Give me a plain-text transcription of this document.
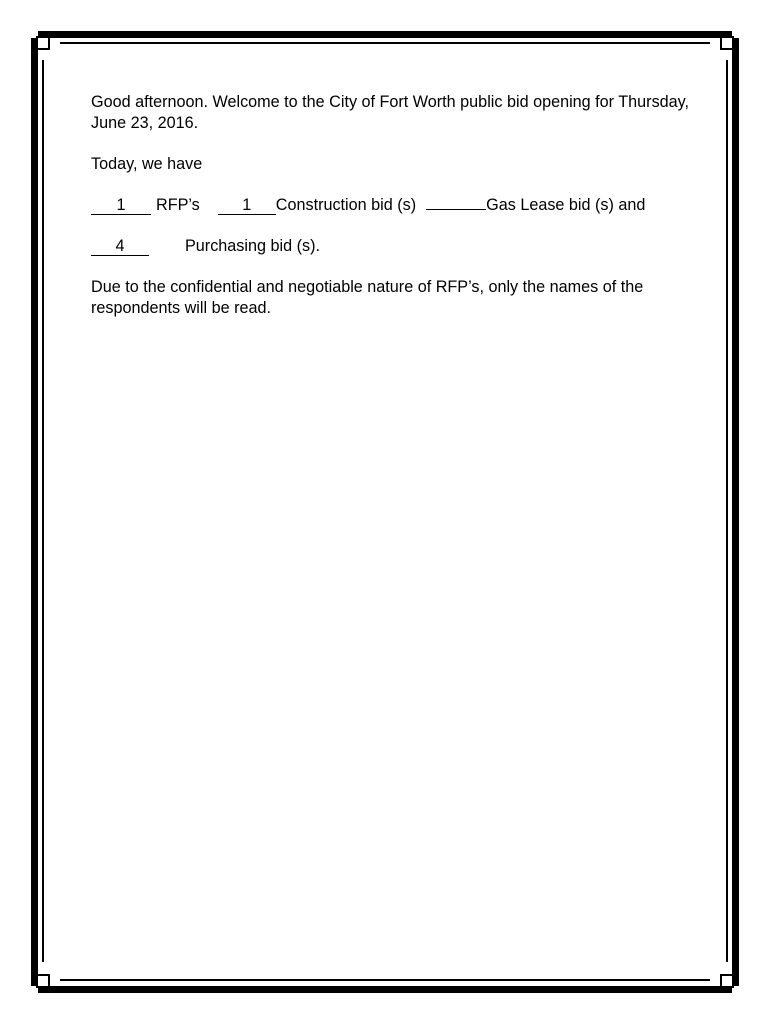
Good afternoon. Welcome to the City of Fort Worth public bid opening for Thursday, June 23, 2016.

Today, we have

1 RFP’s	1 Construction bid (s)	Gas Lease bid (s) and

4	Purchasing bid (s).

Due to the confidential and negotiable nature of RFP’s, only the names of the respondents will be read.
